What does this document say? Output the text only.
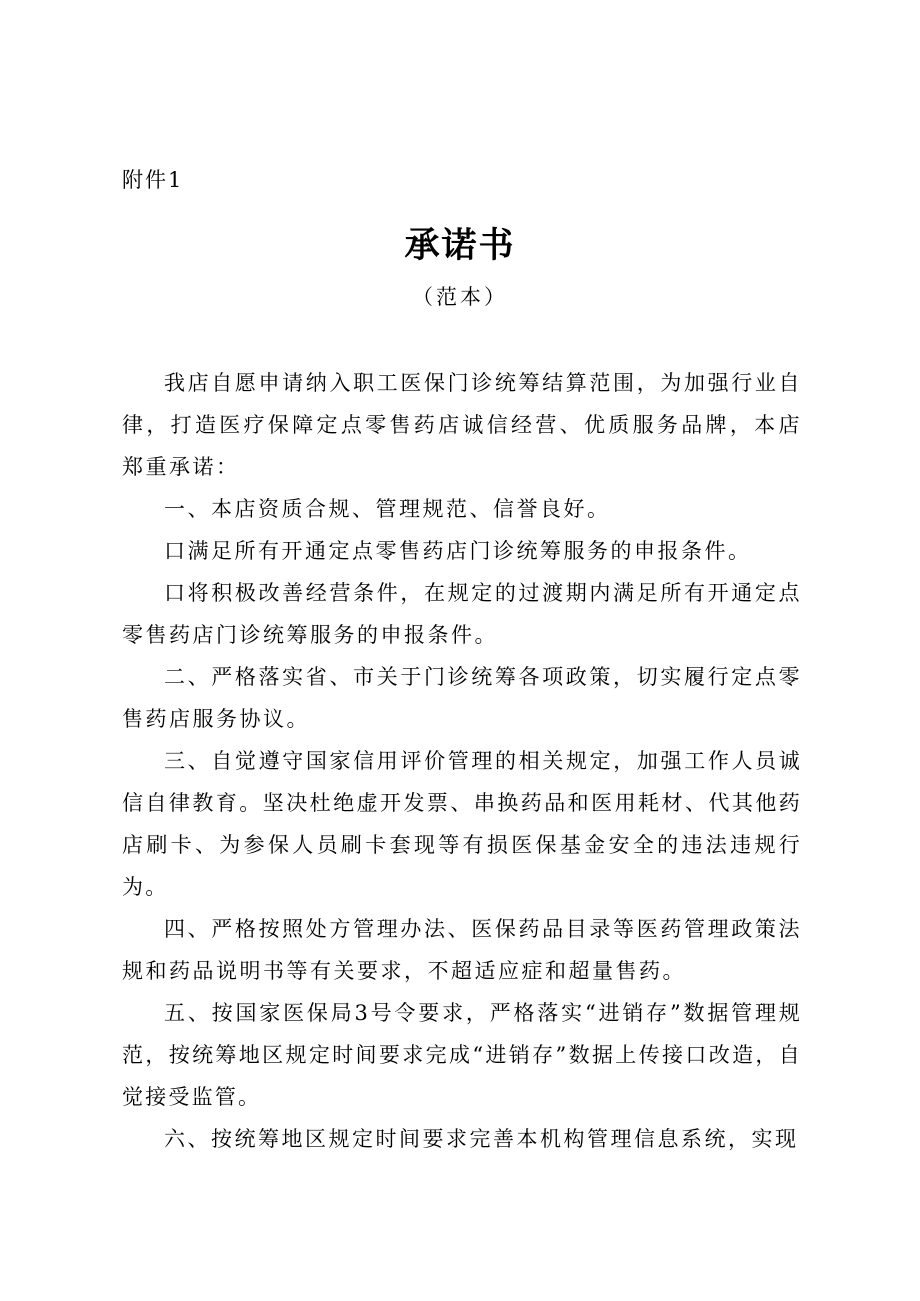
附件1
承诺书
（范本）

我店自愿申请纳入职工医保门诊统筹结算范围，为加强行业自律，打造医疗保障定点零售药店诚信经营、优质服务品牌，本店郑重承诺：

一、本店资质合规、管理规范、信誉良好。

口满足所有开通定点零售药店门诊统筹服务的申报条件。

口将积极改善经营条件，在规定的过渡期内满足所有开通定点零售药店门诊统筹服务的申报条件。

二、严格落实省、市关于门诊统筹各项政策，切实履行定点零售药店服务协议。

三、自觉遵守国家信用评价管理的相关规定，加强工作人员诚信自律教育。坚决杜绝虚开发票、串换药品和医用耗材、代其他药店刷卡、为参保人员刷卡套现等有损医保基金安全的违法违规行为。

四、严格按照处方管理办法、医保药品目录等医药管理政策法规和药品说明书等有关要求，不超适应症和超量售药。

五、按国家医保局3号令要求，严格落实“进销存”数据管理规范，按统筹地区规定时间要求完成“进销存”数据上传接口改造，自觉接受监管。

六、按统筹地区规定时间要求完善本机构管理信息系统，实现
